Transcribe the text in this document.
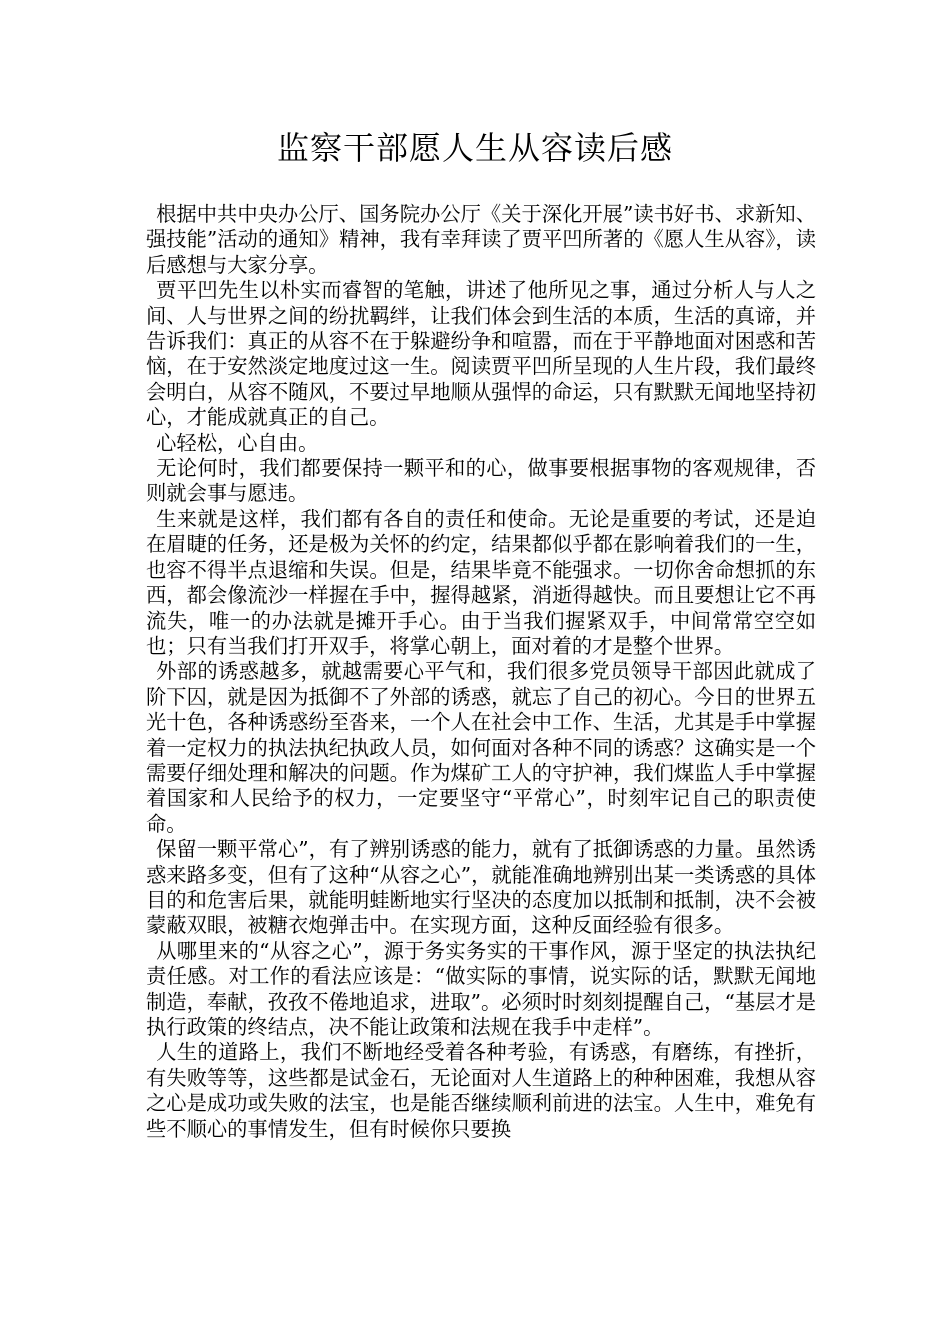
监察干部愿人生从容读后感

根据中共中央办公厅、国务院办公厅《关于深化开展”读书好书、求新知、强技能”活动的通知》精神，我有幸拜读了贾平凹所著的《愿人生从容》，读后感想与大家分享。

贾平凹先生以朴实而睿智的笔触，讲述了他所见之事，通过分析人与人之间、人与世界之间的纷扰羁绊，让我们体会到生活的本质，生活的真谛，并告诉我们：真正的从容不在于躲避纷争和喧嚣，而在于平静地面对困惑和苦恼，在于安然淡定地度过这一生。阅读贾平凹所呈现的人生片段，我们最终会明白，从容不随风，不要过早地顺从强悍的命运，只有默默无闻地坚持初心，才能成就真正的自己。

心轻松，心自由。

无论何时，我们都要保持一颗平和的心，做事要根据事物的客观规律，否则就会事与愿违。

生来就是这样，我们都有各自的责任和使命。无论是重要的考试，还是迫在眉睫的任务，还是极为关怀的约定，结果都似乎都在影响着我们的一生，也容不得半点退缩和失误。但是，结果毕竟不能强求。一切你舍命想抓的东西，都会像流沙一样握在手中，握得越紧，消逝得越快。而且要想让它不再流失，唯一的办法就是摊开手心。由于当我们握紧双手，中间常常空空如也；只有当我们打开双手，将掌心朝上，面对着的才是整个世界。

外部的诱惑越多，就越需要心平气和，我们很多党员领导干部因此就成了阶下囚，就是因为抵御不了外部的诱惑，就忘了自己的初心。今日的世界五光十色，各种诱惑纷至沓来，一个人在社会中工作、生活，尤其是手中掌握着一定权力的执法执纪执政人员，如何面对各种不同的诱惑？这确实是一个需要仔细处理和解决的问题。作为煤矿工人的守护神，我们煤监人手中掌握着国家和人民给予的权力，一定要坚守“平常心”，时刻牢记自己的职责使命。

保留一颗平常心”，有了辨别诱惑的能力，就有了抵御诱惑的力量。虽然诱惑来路多变，但有了这种“从容之心”，就能准确地辨别出某一类诱惑的具体目的和危害后果，就能明蛙断地实行坚决的态度加以抵制和抵制，决不会被蒙蔽双眼，被糖衣炮弹击中。在实现方面，这种反面经验有很多。

从哪里来的“从容之心”，源于务实务实的干事作风，源于坚定的执法执纪责任感。对工作的看法应该是：“做实际的事情，说实际的话，默默无闻地制造，奉献，孜孜不倦地追求，进取”。必须时时刻刻提醒自己，“基层才是执行政策的终结点，决不能让政策和法规在我手中走样”。

人生的道路上，我们不断地经受着各种考验，有诱惑，有磨练，有挫折，有失败等等，这些都是试金石，无论面对人生道路上的种种困难，我想从容之心是成功或失败的法宝，也是能否继续顺利前进的法宝。人生中，难免有些不顺心的事情发生，但有时候你只要换
